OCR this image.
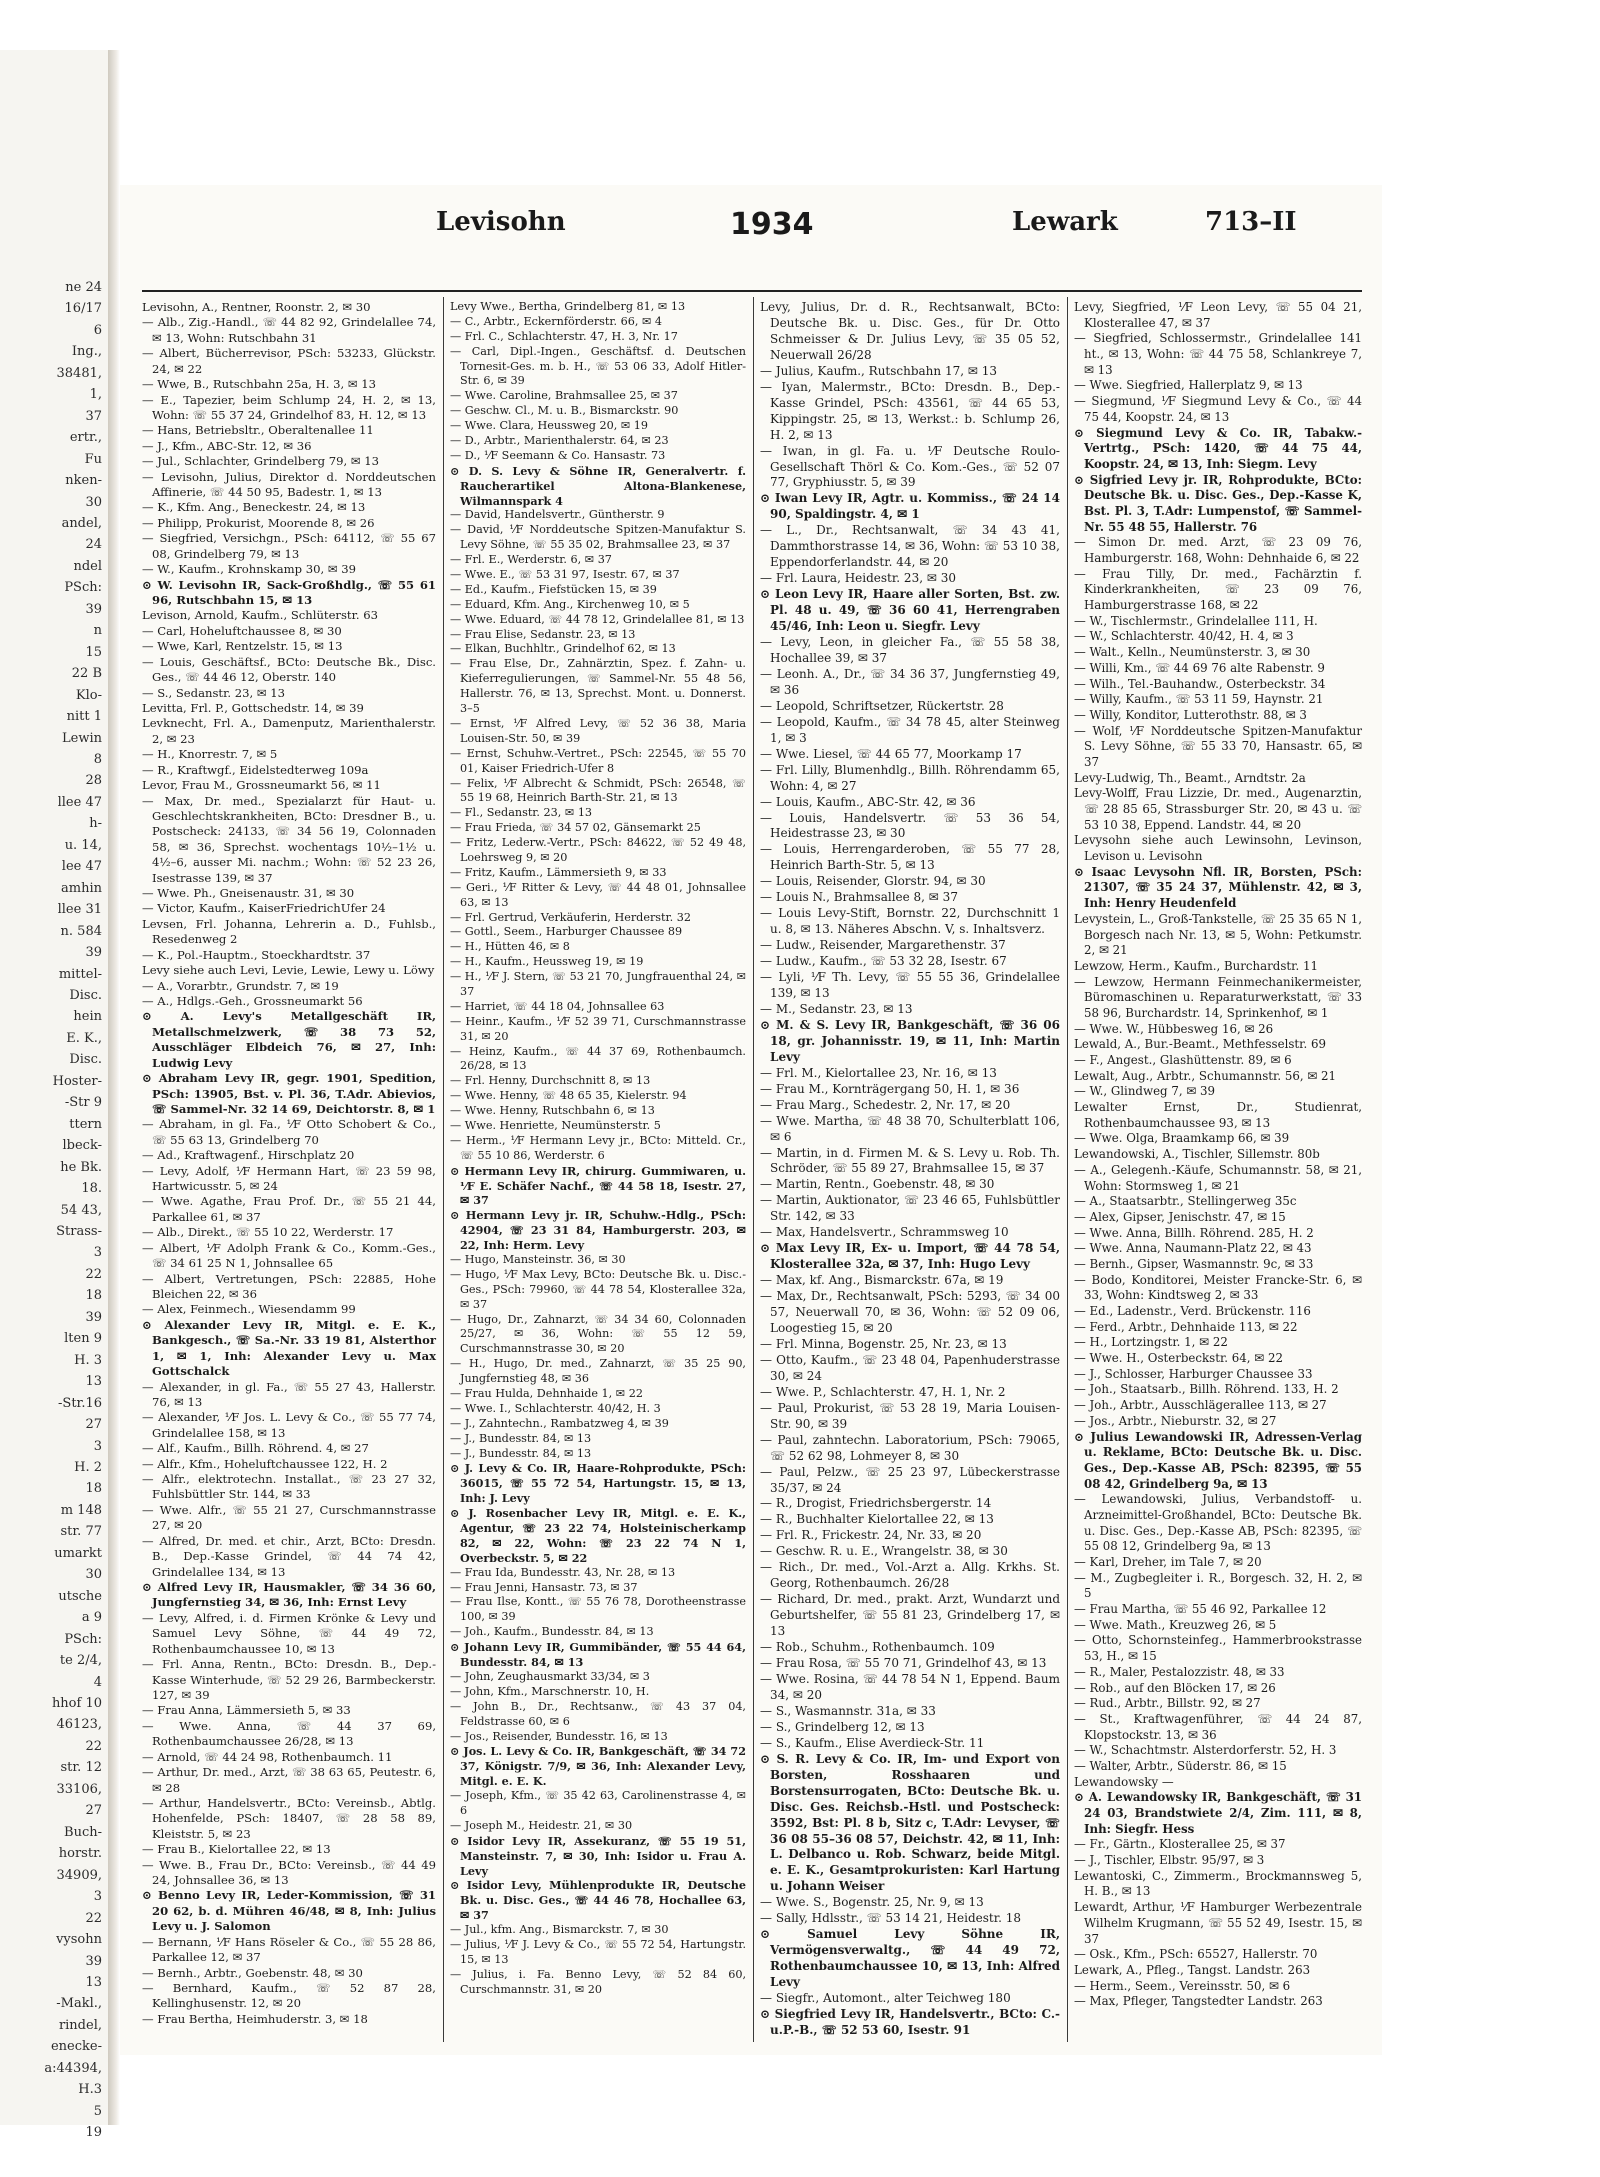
ne 24
16/17
6
Ing.,
38481,
1,
37
ertr.,
Fu
nken-
30
andel,
24
ndel
PSch:
39
n
15
22 B
Klo-
nitt 1
Lewin
8
28
llee 47
h-
u. 14,
lee 47
amhin
llee 31
n. 584
39
mittel-
Disc.
hein
E. K.,
Disc.
Hoster-
-Str 9
ttern
lbeck-
he Bk.
18.
54 43,
Strass-
3
22
18
39
lten 9
H. 3
13
-Str.16
27
3
H. 2
18
m 148
str. 77
umarkt
30
utsche
a 9
PSch:
te 2/4,
4
hhof 10
46123,
22
str. 12
33106,
27
Buch-
horstr.
34909,
3
22
vysohn
39
13
-Makl.,
rindel,
enecke-
a:44394,
H.3
5
19
Levisohn	1934	Lewark	713–II

Levisohn, A., Rentner, Roonstr. 2, ✉ 30

— Alb., Zig.-Handl., ☏ 44 82 92, Grindelallee 74, ✉ 13, Wohn: Rutschbahn 31

— Albert, Bücherrevisor, PSch: 53233, Glückstr. 24, ✉ 22

— Wwe, B., Rutschbahn 25a, H. 3, ✉ 13

— E., Tapezier, beim Schlump 24, H. 2, ✉ 13, Wohn: ☏ 55 37 24, Grindelhof 83, H. 12, ✉ 13

— Hans, Betriebsltr., Oberaltenallee 11

— J., Kfm., ABC-Str. 12, ✉ 36

— Jul., Schlachter, Grindelberg 79, ✉ 13

— Levisohn, Julius, Direktor d. Norddeutschen Affinerie, ☏ 44 50 95, Badestr. 1, ✉ 13

— K., Kfm. Ang., Beneckestr. 24, ✉ 13

— Philipp, Prokurist, Moorende 8, ✉ 26

— Siegfried, Versichgn., PSch: 64112, ☏ 55 67 08, Grindelberg 79, ✉ 13

— W., Kaufm., Krohnskamp 30, ✉ 39

⊙ W. Levisohn IR, Sack-Großhdlg., ☏ 55 61 96, Rutschbahn 15, ✉ 13

Levison, Arnold, Kaufm., Schlüterstr. 63

— Carl, Hoheluftchaussee 8, ✉ 30

— Wwe, Karl, Rentzelstr. 15, ✉ 13

— Louis, Geschäftsf., BCto: Deutsche Bk., Disc. Ges., ☏ 44 46 12, Oberstr. 140

— S., Sedanstr. 23, ✉ 13

Levitta, Frl. P., Gottschedstr. 14, ✉ 39

Levknecht, Frl. A., Damenputz, Marienthalerstr. 2, ✉ 23

— H., Knorrestr. 7, ✉ 5

— R., Kraftwgf., Eidelstedterweg 109a

Levor, Frau M., Grossneumarkt 56, ✉ 11

— Max, Dr. med., Spezialarzt für Haut- u. Geschlechtskrankheiten, BCto: Dresdner B., u. Postscheck: 24133, ☏ 34 56 19, Colonnaden 58, ✉ 36, Sprechst. wochentags 10½–1½ u. 4½–6, ausser Mi. nachm.; Wohn: ☏ 52 23 26, Isestrasse 139, ✉ 37

— Wwe. Ph., Gneisenaustr. 31, ✉ 30

— Victor, Kaufm., KaiserFriedrichUfer 24

Levsen, Frl. Johanna, Lehrerin a. D., Fuhlsb., Resedenweg 2

— K., Pol.-Hauptm., Stoeckhardtstr. 37

Levy siehe auch Levi, Levie, Lewie, Lewy u. Löwy

— A., Vorarbtr., Grundstr. 7, ✉ 19

— A., Hdlgs.-Geh., Grossneumarkt 56

⊙ A. Levy's Metallgeschäft IR, Metallschmelzwerk, ☏ 38 73 52, Ausschläger Elbdeich 76, ✉ 27, Inh: Ludwig Levy

⊙ Abraham Levy IR, gegr. 1901, Spedition, PSch: 13905, Bst. v. Pl. 36, T.Adr. Abievios, ☏ Sammel-Nr. 32 14 69, Deichtorstr. 8, ✉ 1

— Abraham, in gl. Fa., ⅟F Otto Schobert & Co., ☏ 55 63 13, Grindelberg 70

— Ad., Kraftwagenf., Hirschplatz 20

— Levy, Adolf, ⅟F Hermann Hart, ☏ 23 59 98, Hartwicusstr. 5, ✉ 24

— Wwe. Agathe, Frau Prof. Dr., ☏ 55 21 44, Parkallee 61, ✉ 37

— Alb., Direkt., ☏ 55 10 22, Werderstr. 17

— Albert, ⅟F Adolph Frank & Co., Komm.-Ges., ☏ 34 61 25 N 1, Johnsallee 65

— Albert, Vertretungen, PSch: 22885, Hohe Bleichen 22, ✉ 36

— Alex, Feinmech., Wiesendamm 99

⊙ Alexander Levy IR, Mitgl. e. E. K., Bankgesch., ☏ Sa.-Nr. 33 19 81, Alsterthor 1, ✉ 1, Inh: Alexander Levy u. Max Gottschalck

— Alexander, in gl. Fa., ☏ 55 27 43, Hallerstr. 76, ✉ 13

— Alexander, ⅟F Jos. L. Levy & Co., ☏ 55 77 74, Grindelallee 158, ✉ 13

— Alf., Kaufm., Billh. Röhrend. 4, ✉ 27

— Alfr., Kfm., Hoheluftchaussee 122, H. 2

— Alfr., elektrotechn. Installat., ☏ 23 27 32, Fuhlsbüttler Str. 144, ✉ 33

— Wwe. Alfr., ☏ 55 21 27, Curschmannstrasse 27, ✉ 20

— Alfred, Dr. med. et chir., Arzt, BCto: Dresdn. B., Dep.-Kasse Grindel, ☏ 44 74 42, Grindelallee 134, ✉ 13

⊙ Alfred Levy IR, Hausmakler, ☏ 34 36 60, Jungfernstieg 34, ✉ 36, Inh: Ernst Levy

— Levy, Alfred, i. d. Firmen Krönke & Levy und Samuel Levy Söhne, ☏ 44 49 72, Rothenbaumchaussee 10, ✉ 13

— Frl. Anna, Rentn., BCto: Dresdn. B., Dep.-Kasse Winterhude, ☏ 52 29 26, Barmbeckerstr. 127, ✉ 39

— Frau Anna, Lämmersieth 5, ✉ 33

— Wwe. Anna, ☏ 44 37 69, Rothenbaumchaussee 26/28, ✉ 13

— Arnold, ☏ 44 24 98, Rothenbaumch. 11

— Arthur, Dr. med., Arzt, ☏ 38 63 65, Peutestr. 6, ✉ 28

— Arthur, Handelsvertr., BCto: Vereinsb., Abtlg. Hohenfelde, PSch: 18407, ☏ 28 58 89, Kleiststr. 5, ✉ 23

— Frau B., Kielortallee 22, ✉ 13

— Wwe. B., Frau Dr., BCto: Vereinsb., ☏ 44 49 24, Johnsallee 36, ✉ 13

⊙ Benno Levy IR, Leder-Kommission, ☏ 31 20 62, b. d. Mühren 46/48, ✉ 8, Inh: Julius Levy u. J. Salomon

— Bernann, ⅟F Hans Röseler & Co., ☏ 55 28 86, Parkallee 12, ✉ 37

— Bernh., Arbtr., Goebenstr. 48, ✉ 30

— Bernhard, Kaufm., ☏ 52 87 28, Kellinghusenstr. 12, ✉ 20

— Frau Bertha, Heimhuderstr. 3, ✉ 18

Levy Wwe., Bertha, Grindelberg 81, ✉ 13

— C., Arbtr., Eckernförderstr. 66, ✉ 4

— Frl. C., Schlachterstr. 47, H. 3, Nr. 17

— Carl, Dipl.-Ingen., Geschäftsf. d. Deutschen Tornesit-Ges. m. b. H., ☏ 53 06 33, Adolf Hitler-Str. 6, ✉ 39

— Wwe. Caroline, Brahmsallee 25, ✉ 37

— Geschw. Cl., M. u. B., Bismarckstr. 90

— Wwe. Clara, Heussweg 20, ✉ 19

— D., Arbtr., Marienthalerstr. 64, ✉ 23

— D., ⅟F Seemann & Co. Hansastr. 73

⊙ D. S. Levy & Söhne IR, Generalvertr. f. Raucherartikel Altona-Blankenese, Wilmannspark 4

— David, Handelsvertr., Güntherstr. 9

— David, ⅟F Norddeutsche Spitzen-Manufaktur S. Levy Söhne, ☏ 55 35 02, Brahmsallee 23, ✉ 37

— Frl. E., Werderstr. 6, ✉ 37

— Wwe. E., ☏ 53 31 97, Isestr. 67, ✉ 37

— Ed., Kaufm., Fiefstücken 15, ✉ 39

— Eduard, Kfm. Ang., Kirchenweg 10, ✉ 5

— Wwe. Eduard, ☏ 44 78 12, Grindelallee 81, ✉ 13

— Frau Elise, Sedanstr. 23, ✉ 13

— Elkan, Buchhltr., Grindelhof 62, ✉ 13

— Frau Else, Dr., Zahnärztin, Spez. f. Zahn- u. Kieferregulierungen, ☏ Sammel-Nr. 55 48 56, Hallerstr. 76, ✉ 13, Sprechst. Mont. u. Donnerst. 3–5

— Ernst, ⅟F Alfred Levy, ☏ 52 36 38, Maria Louisen-Str. 50, ✉ 39

— Ernst, Schuhw.-Vertret., PSch: 22545, ☏ 55 70 01, Kaiser Friedrich-Ufer 8

— Felix, ⅟F Albrecht & Schmidt, PSch: 26548, ☏ 55 19 68, Heinrich Barth-Str. 21, ✉ 13

— Fl., Sedanstr. 23, ✉ 13

— Frau Frieda, ☏ 34 57 02, Gänsemarkt 25

— Fritz, Lederw.-Vertr., PSch: 84622, ☏ 52 49 48, Loehrsweg 9, ✉ 20

— Fritz, Kaufm., Lämmersieth 9, ✉ 33

— Geri., ⅟F Ritter & Levy, ☏ 44 48 01, Johnsallee 63, ✉ 13

— Frl. Gertrud, Verkäuferin, Herderstr. 32

— Gottl., Seem., Harburger Chaussee 89

— H., Hütten 46, ✉ 8

— H., Kaufm., Heussweg 19, ✉ 19

— H., ⅟F J. Stern, ☏ 53 21 70, Jungfrauenthal 24, ✉ 37

— Harriet, ☏ 44 18 04, Johnsallee 63

— Heinr., Kaufm., ⅟F 52 39 71, Curschmannstrasse 31, ✉ 20

— Heinz, Kaufm., ☏ 44 37 69, Rothenbaumch. 26/28, ✉ 13

— Frl. Henny, Durchschnitt 8, ✉ 13

— Wwe. Henny, ☏ 48 65 35, Kielerstr. 94

— Wwe. Henny, Rutschbahn 6, ✉ 13

— Wwe. Henriette, Neumünsterstr. 5

— Herm., ⅟F Hermann Levy jr., BCto: Mitteld. Cr., ☏ 55 10 86, Werderstr. 6

⊙ Hermann Levy IR, chirurg. Gummiwaren, u. ⅟F E. Schäfer Nachf., ☏ 44 58 18, Isestr. 27, ✉ 37

⊙ Hermann Levy jr. IR, Schuhw.-Hdlg., PSch: 42904, ☏ 23 31 84, Hamburgerstr. 203, ✉ 22, Inh: Herm. Levy

— Hugo, Mansteinstr. 36, ✉ 30

— Hugo, ⅟F Max Levy, BCto: Deutsche Bk. u. Disc.-Ges., PSch: 79960, ☏ 44 78 54, Klosterallee 32a, ✉ 37

— Hugo, Dr., Zahnarzt, ☏ 34 34 60, Colonnaden 25/27, ✉ 36, Wohn: ☏ 55 12 59, Curschmannstrasse 30, ✉ 20

— H., Hugo, Dr. med., Zahnarzt, ☏ 35 25 90, Jungfernstieg 48, ✉ 36

— Frau Hulda, Dehnhaide 1, ✉ 22

— Wwe. I., Schlachterstr. 40/42, H. 3

— J., Zahntechn., Rambatzweg 4, ✉ 39

— J., Bundesstr. 84, ✉ 13

— J., Bundesstr. 84, ✉ 13

⊙ J. Levy & Co. IR, Haare-Rohprodukte, PSch: 36015, ☏ 55 72 54, Hartungstr. 15, ✉ 13, Inh: J. Levy

⊙ J. Rosenbacher Levy IR, Mitgl. e. E. K., Agentur, ☏ 23 22 74, Holsteinischerkamp 82, ✉ 22, Wohn: ☏ 23 22 74 N 1, Overbeckstr. 5, ✉ 22

— Frau Ida, Bundesstr. 43, Nr. 28, ✉ 13

— Frau Jenni, Hansastr. 73, ✉ 37

— Frau Ilse, Kontt., ☏ 55 76 78, Dorotheenstrasse 100, ✉ 39

— Joh., Kaufm., Bundesstr. 84, ✉ 13

⊙ Johann Levy IR, Gummibänder, ☏ 55 44 64, Bundesstr. 84, ✉ 13

— John, Zeughausmarkt 33/34, ✉ 3

— John, Kfm., Marschnerstr. 10, H.

— John B., Dr., Rechtsanw., ☏ 43 37 04, Feldstrasse 60, ✉ 6

— Jos., Reisender, Bundesstr. 16, ✉ 13

⊙ Jos. L. Levy & Co. IR, Bankgeschäft, ☏ 34 72 37, Königstr. 7/9, ✉ 36, Inh: Alexander Levy, Mitgl. e. E. K.

— Joseph, Kfm., ☏ 35 42 63, Carolinenstrasse 4, ✉ 6

— Joseph M., Heidestr. 21, ✉ 30

⊙ Isidor Levy IR, Assekuranz, ☏ 55 19 51, Mansteinstr. 7, ✉ 30, Inh: Isidor u. Frau A. Levy

⊙ Isidor Levy, Mühlenprodukte IR, Deutsche Bk. u. Disc. Ges., ☏ 44 46 78, Hochallee 63, ✉ 37

— Jul., kfm. Ang., Bismarckstr. 7, ✉ 30

— Julius, ⅟F J. Levy & Co., ☏ 55 72 54, Hartungstr. 15, ✉ 13

— Julius, i. Fa. Benno Levy, ☏ 52 84 60, Curschmannstr. 31, ✉ 20

Levy, Julius, Dr. d. R., Rechtsanwalt, BCto: Deutsche Bk. u. Disc. Ges., für Dr. Otto Schmeisser & Dr. Julius Levy, ☏ 35 05 52, Neuerwall 26/28

— Julius, Kaufm., Rutschbahn 17, ✉ 13

— Iyan, Malermstr., BCto: Dresdn. B., Dep.-Kasse Grindel, PSch: 43561, ☏ 44 65 53, Kippingstr. 25, ✉ 13, Werkst.: b. Schlump 26, H. 2, ✉ 13

— Iwan, in gl. Fa. u. ⅟F Deutsche Roulo-Gesellschaft Thörl & Co. Kom.-Ges., ☏ 52 07 77, Gryphiusstr. 5, ✉ 39

⊙ Iwan Levy IR, Agtr. u. Kommiss., ☏ 24 14 90, Spaldingstr. 4, ✉ 1

— L., Dr., Rechtsanwalt, ☏ 34 43 41, Dammthorstrasse 14, ✉ 36, Wohn: ☏ 53 10 38, Eppendorferlandstr. 44, ✉ 20

— Frl. Laura, Heidestr. 23, ✉ 30

⊙ Leon Levy IR, Haare aller Sorten, Bst. zw. Pl. 48 u. 49, ☏ 36 60 41, Herrengraben 45/46, Inh: Leon u. Siegfr. Levy

— Levy, Leon, in gleicher Fa., ☏ 55 58 38, Hochallee 39, ✉ 37

— Leonh. A., Dr., ☏ 34 36 37, Jungfernstieg 49, ✉ 36

— Leopold, Schriftsetzer, Rückertstr. 28

— Leopold, Kaufm., ☏ 34 78 45, alter Steinweg 1, ✉ 3

— Wwe. Liesel, ☏ 44 65 77, Moorkamp 17

— Frl. Lilly, Blumenhdlg., Billh. Röhrendamm 65, Wohn: 4, ✉ 27

— Louis, Kaufm., ABC-Str. 42, ✉ 36

— Louis, Handelsvertr. ☏ 53 36 54, Heidestrasse 23, ✉ 30

— Louis, Herrengarderoben, ☏ 55 77 28, Heinrich Barth-Str. 5, ✉ 13

— Louis, Reisender, Glorstr. 94, ✉ 30

— Louis N., Brahmsallee 8, ✉ 37

— Louis Levy-Stift, Bornstr. 22, Durchschnitt 1 u. 8, ✉ 13. Näheres Abschn. V, s. Inhaltsverz.

— Ludw., Reisender, Margarethenstr. 37

— Ludw., Kaufm., ☏ 53 32 28, Isestr. 67

— Lyli, ⅟F Th. Levy, ☏ 55 55 36, Grindelallee 139, ✉ 13

— M., Sedanstr. 23, ✉ 13

⊙ M. & S. Levy IR, Bankgeschäft, ☏ 36 06 18, gr. Johannisstr. 19, ✉ 11, Inh: Martin Levy

— Frl. M., Kielortallee 23, Nr. 16, ✉ 13

— Frau M., Kornträgergang 50, H. 1, ✉ 36

— Frau Marg., Schedestr. 2, Nr. 17, ✉ 20

— Wwe. Martha, ☏ 48 38 70, Schulterblatt 106, ✉ 6

— Martin, in d. Firmen M. & S. Levy u. Rob. Th. Schröder, ☏ 55 89 27, Brahmsallee 15, ✉ 37

— Martin, Rentn., Goebenstr. 48, ✉ 30

— Martin, Auktionator, ☏ 23 46 65, Fuhlsbüttler Str. 142, ✉ 33

— Max, Handelsvertr., Schrammsweg 10

⊙ Max Levy IR, Ex- u. Import, ☏ 44 78 54, Klosterallee 32a, ✉ 37, Inh: Hugo Levy

— Max, kf. Ang., Bismarckstr. 67a, ✉ 19

— Max, Dr., Rechtsanwalt, PSch: 5293, ☏ 34 00 57, Neuerwall 70, ✉ 36, Wohn: ☏ 52 09 06, Loogestieg 15, ✉ 20

— Frl. Minna, Bogenstr. 25, Nr. 23, ✉ 13

— Otto, Kaufm., ☏ 23 48 04, Papenhuderstrasse 30, ✉ 24

— Wwe. P., Schlachterstr. 47, H. 1, Nr. 2

— Paul, Prokurist, ☏ 53 28 19, Maria Louisen-Str. 90, ✉ 39

— Paul, zahntechn. Laboratorium, PSch: 79065, ☏ 52 62 98, Lohmeyer 8, ✉ 30

— Paul, Pelzw., ☏ 25 23 97, Lübeckerstrasse 35/37, ✉ 24

— R., Drogist, Friedrichsbergerstr. 14

— R., Buchhalter Kielortallee 22, ✉ 13

— Frl. R., Frickestr. 24, Nr. 33, ✉ 20

— Geschw. R. u. E., Wrangelstr. 38, ✉ 30

— Rich., Dr. med., Vol.-Arzt a. Allg. Krkhs. St. Georg, Rothenbaumch. 26/28

— Richard, Dr. med., prakt. Arzt, Wundarzt und Geburtshelfer, ☏ 55 81 23, Grindelberg 17, ✉ 13

— Rob., Schuhm., Rothenbaumch. 109

— Frau Rosa, ☏ 55 70 71, Grindelhof 43, ✉ 13

— Wwe. Rosina, ☏ 44 78 54 N 1, Eppend. Baum 34, ✉ 20

— S., Wasmannstr. 31a, ✉ 33

— S., Grindelberg 12, ✉ 13

— S., Kaufm., Elise Averdieck-Str. 11

⊙ S. R. Levy & Co. IR, Im- und Export von Borsten, Rosshaaren und Borstensurrogaten, BCto: Deutsche Bk. u. Disc. Ges. Reichsb.-Hstl. und Postscheck: 3592, Bst: Pl. 8 b, Sitz c, T.Adr: Levyser, ☏ 36 08 55–36 08 57, Deichstr. 42, ✉ 11, Inh: L. Delbanco u. Rob. Schwarz, beide Mitgl. e. E. K., Gesamtprokuristen: Karl Hartung u. Johann Weiser

— Wwe. S., Bogenstr. 25, Nr. 9, ✉ 13

— Sally, Hdlsstr., ☏ 53 14 21, Heidestr. 18

⊙ Samuel Levy Söhne IR, Vermögensverwaltg., ☏ 44 49 72, Rothenbaumchaussee 10, ✉ 13, Inh: Alfred Levy

— Siegfr., Automont., alter Teichweg 180

⊙ Siegfried Levy IR, Handelsvertr., BCto: C.-u.P.-B., ☏ 52 53 60, Isestr. 91

Levy, Siegfried, ⅟F Leon Levy, ☏ 55 04 21, Klosterallee 47, ✉ 37

— Siegfried, Schlossermstr., Grindelallee 141 ht., ✉ 13, Wohn: ☏ 44 75 58, Schlankreye 7, ✉ 13

— Wwe. Siegfried, Hallerplatz 9, ✉ 13

— Siegmund, ⅟F Siegmund Levy & Co., ☏ 44 75 44, Koopstr. 24, ✉ 13

⊙ Siegmund Levy & Co. IR, Tabakw.-Vertrtg., PSch: 1420, ☏ 44 75 44, Koopstr. 24, ✉ 13, Inh: Siegm. Levy

⊙ Sigfried Levy jr. IR, Rohprodukte, BCto: Deutsche Bk. u. Disc. Ges., Dep.-Kasse K, Bst. Pl. 3, T.Adr: Lumpenstof, ☏ Sammel-Nr. 55 48 55, Hallerstr. 76

— Simon Dr. med. Arzt, ☏ 23 09 76, Hamburgerstr. 168, Wohn: Dehnhaide 6, ✉ 22

— Frau Tilly, Dr. med., Fachärztin f. Kinderkrankheiten, ☏ 23 09 76, Hamburgerstrasse 168, ✉ 22

— W., Tischlermstr., Grindelallee 111, H.

— W., Schlachterstr. 40/42, H. 4, ✉ 3

— Walt., Kelln., Neumünsterstr. 3, ✉ 30

— Willi, Km., ☏ 44 69 76 alte Rabenstr. 9

— Wilh., Tel.-Bauhandw., Osterbeckstr. 34

— Willy, Kaufm., ☏ 53 11 59, Haynstr. 21

— Willy, Konditor, Lutterothstr. 88, ✉ 3

— Wolf, ⅟F Norddeutsche Spitzen-Manufaktur S. Levy Söhne, ☏ 55 33 70, Hansastr. 65, ✉ 37

Levy-Ludwig, Th., Beamt., Arndtstr. 2a

Levy-Wolff, Frau Lizzie, Dr. med., Augenarztin, ☏ 28 85 65, Strassburger Str. 20, ✉ 43 u. ☏ 53 10 38, Eppend. Landstr. 44, ✉ 20

Levysohn siehe auch Lewinsohn, Levinson, Levison u. Levisohn

⊙ Isaac Levysohn Nfl. IR, Borsten, PSch: 21307, ☏ 35 24 37, Mühlenstr. 42, ✉ 3, Inh: Henry Heudenfeld

Levystein, L., Groß-Tankstelle, ☏ 25 35 65 N 1, Borgesch nach Nr. 13, ✉ 5, Wohn: Petkumstr. 2, ✉ 21

Lewzow, Herm., Kaufm., Burchardstr. 11

— Lewzow, Hermann Feinmechanikermeister, Büromaschinen u. Reparaturwerkstatt, ☏ 33 58 96, Burchardstr. 14, Sprinkenhof, ✉ 1

— Wwe. W., Hübbesweg 16, ✉ 26

Lewald, A., Bur.-Beamt., Methfesselstr. 69

— F., Angest., Glashüttenstr. 89, ✉ 6

Lewalt, Aug., Arbtr., Schumannstr. 56, ✉ 21

— W., Glindweg 7, ✉ 39

Lewalter Ernst, Dr., Studienrat, Rothenbaumchaussee 93, ✉ 13

— Wwe. Olga, Braamkamp 66, ✉ 39

Lewandowski, A., Tischler, Sillemstr. 80b

— A., Gelegenh.-Käufe, Schumannstr. 58, ✉ 21, Wohn: Stormsweg 1, ✉ 21

— A., Staatsarbtr., Stellingerweg 35c

— Alex, Gipser, Jenischstr. 47, ✉ 15

— Wwe. Anna, Billh. Röhrend. 285, H. 2

— Wwe. Anna, Naumann-Platz 22, ✉ 43

— Bernh., Gipser, Wasmannstr. 9c, ✉ 33

— Bodo, Konditorei, Meister Francke-Str. 6, ✉ 33, Wohn: Kindtsweg 2, ✉ 33

— Ed., Ladenstr., Verd. Brückenstr. 116

— Ferd., Arbtr., Dehnhaide 113, ✉ 22

— H., Lortzingstr. 1, ✉ 22

— Wwe. H., Osterbeckstr. 64, ✉ 22

— J., Schlosser, Harburger Chaussee 33

— Joh., Staatsarb., Billh. Röhrend. 133, H. 2

— Joh., Arbtr., Ausschlägerallee 113, ✉ 27

— Jos., Arbtr., Nieburstr. 32, ✉ 27

⊙ Julius Lewandowski IR, Adressen-Verlag u. Reklame, BCto: Deutsche Bk. u. Disc. Ges., Dep.-Kasse AB, PSch: 82395, ☏ 55 08 42, Grindelberg 9a, ✉ 13

— Lewandowski, Julius, Verbandstoff- u. Arzneimittel-Großhandel, BCto: Deutsche Bk. u. Disc. Ges., Dep.-Kasse AB, PSch: 82395, ☏ 55 08 12, Grindelberg 9a, ✉ 13

— Karl, Dreher, im Tale 7, ✉ 20

— M., Zugbegleiter i. R., Borgesch. 32, H. 2, ✉ 5

— Frau Martha, ☏ 55 46 92, Parkallee 12

— Wwe. Math., Kreuzweg 26, ✉ 5

— Otto, Schornsteinfeg., Hammerbrookstrasse 53, H., ✉ 15

— R., Maler, Pestalozzistr. 48, ✉ 33

— Rob., auf den Blöcken 17, ✉ 26

— Rud., Arbtr., Billstr. 92, ✉ 27

— St., Kraftwagenführer, ☏ 44 24 87, Klopstockstr. 13, ✉ 36

— W., Schachtmstr. Alsterdorferstr. 52, H. 3

— Walter, Arbtr., Süderstr. 86, ✉ 15

Lewandowsky —

⊙ A. Lewandowsky IR, Bankgeschäft, ☏ 31 24 03, Brandstwiete 2/4, Zim. 111, ✉ 8, Inh: Siegfr. Hess

— Fr., Gärtn., Klosterallee 25, ✉ 37

— J., Tischler, Elbstr. 95/97, ✉ 3

Lewantoski, C., Zimmerm., Brockmannsweg 5, H. B., ✉ 13

Lewardt, Arthur, ⅟F Hamburger Werbezentrale Wilhelm Krugmann, ☏ 55 52 49, Isestr. 15, ✉ 37

— Osk., Kfm., PSch: 65527, Hallerstr. 70

Lewark, A., Pfleg., Tangst. Landstr. 263

— Herm., Seem., Vereinsstr. 50, ✉ 6

— Max, Pfleger, Tangstedter Landstr. 263
